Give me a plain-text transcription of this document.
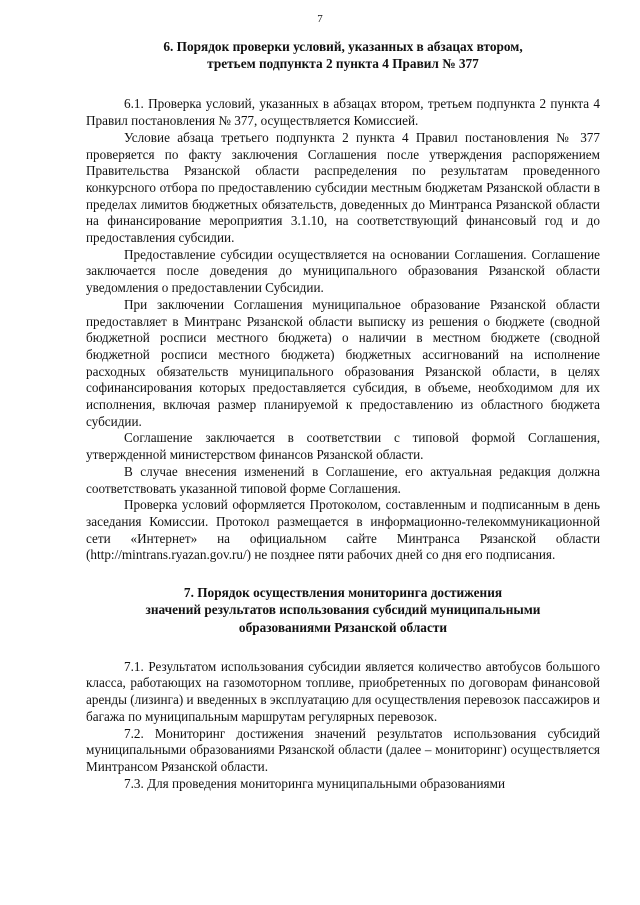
7
6. Порядок проверки условий, указанных в абзацах втором,
третьем подпункта 2 пункта 4 Правил № 377

6.1. Проверка условий, указанных в абзацах втором, третьем подпункта 2 пункта 4 Правил постановления № 377, осуществляется Комиссией.

Условие абзаца третьего подпункта 2 пункта 4 Правил постановления № 377 проверяется по факту заключения Соглашения после утверждения распоряжением Правительства Рязанской области распределения по результатам проведенного конкурсного отбора по предоставлению субсидии местным бюджетам Рязанской области в пределах лимитов бюджетных обязательств, доведенных до Минтранса Рязанской области на финансирование мероприятия 3.1.10, на соответствующий финансовый год и до предоставления субсидии.

Предоставление субсидии осуществляется на основании Соглашения. Соглашение заключается после доведения до муниципального образования Рязанской области уведомления о предоставлении Субсидии.

При заключении Соглашения муниципальное образование Рязанской области предоставляет в Минтранс Рязанской области выписку из решения о бюджете (сводной бюджетной росписи местного бюджета) о наличии в местном бюджете (сводной бюджетной росписи местного бюджета) бюджетных ассигнований на исполнение расходных обязательств муниципального образования Рязанской области, в целях софинансирования которых предоставляется субсидия, в объеме, необходимом для их исполнения, включая размер планируемой к предоставлению из областного бюджета субсидии.

Соглашение заключается в соответствии с типовой формой Соглашения, утвержденной министерством финансов Рязанской области.

В случае внесения изменений в Соглашение, его актуальная редакция должна соответствовать указанной типовой форме Соглашения.

Проверка условий оформляется Протоколом, составленным и подписанным в день заседания Комиссии. Протокол размещается в информационно-телекоммуникационной сети «Интернет» на официальном сайте Минтранса Рязанской области (http://mintrans.ryazan.gov.ru/) не позднее пяти рабочих дней со дня его подписания.

7. Порядок осуществления мониторинга достижения
значений результатов использования субсидий муниципальными
образованиями Рязанской области

7.1. Результатом использования субсидии является количество автобусов большого класса, работающих на газомоторном топливе, приобретенных по договорам финансовой аренды (лизинга) и введенных в эксплуатацию для осуществления перевозок пассажиров и багажа по муниципальным маршрутам регулярных перевозок.

7.2. Мониторинг достижения значений результатов использования субсидий муниципальными образованиями Рязанской области (далее – мониторинг) осуществляется Минтрансом Рязанской области.

7.3. Для проведения мониторинга муниципальными образованиями
